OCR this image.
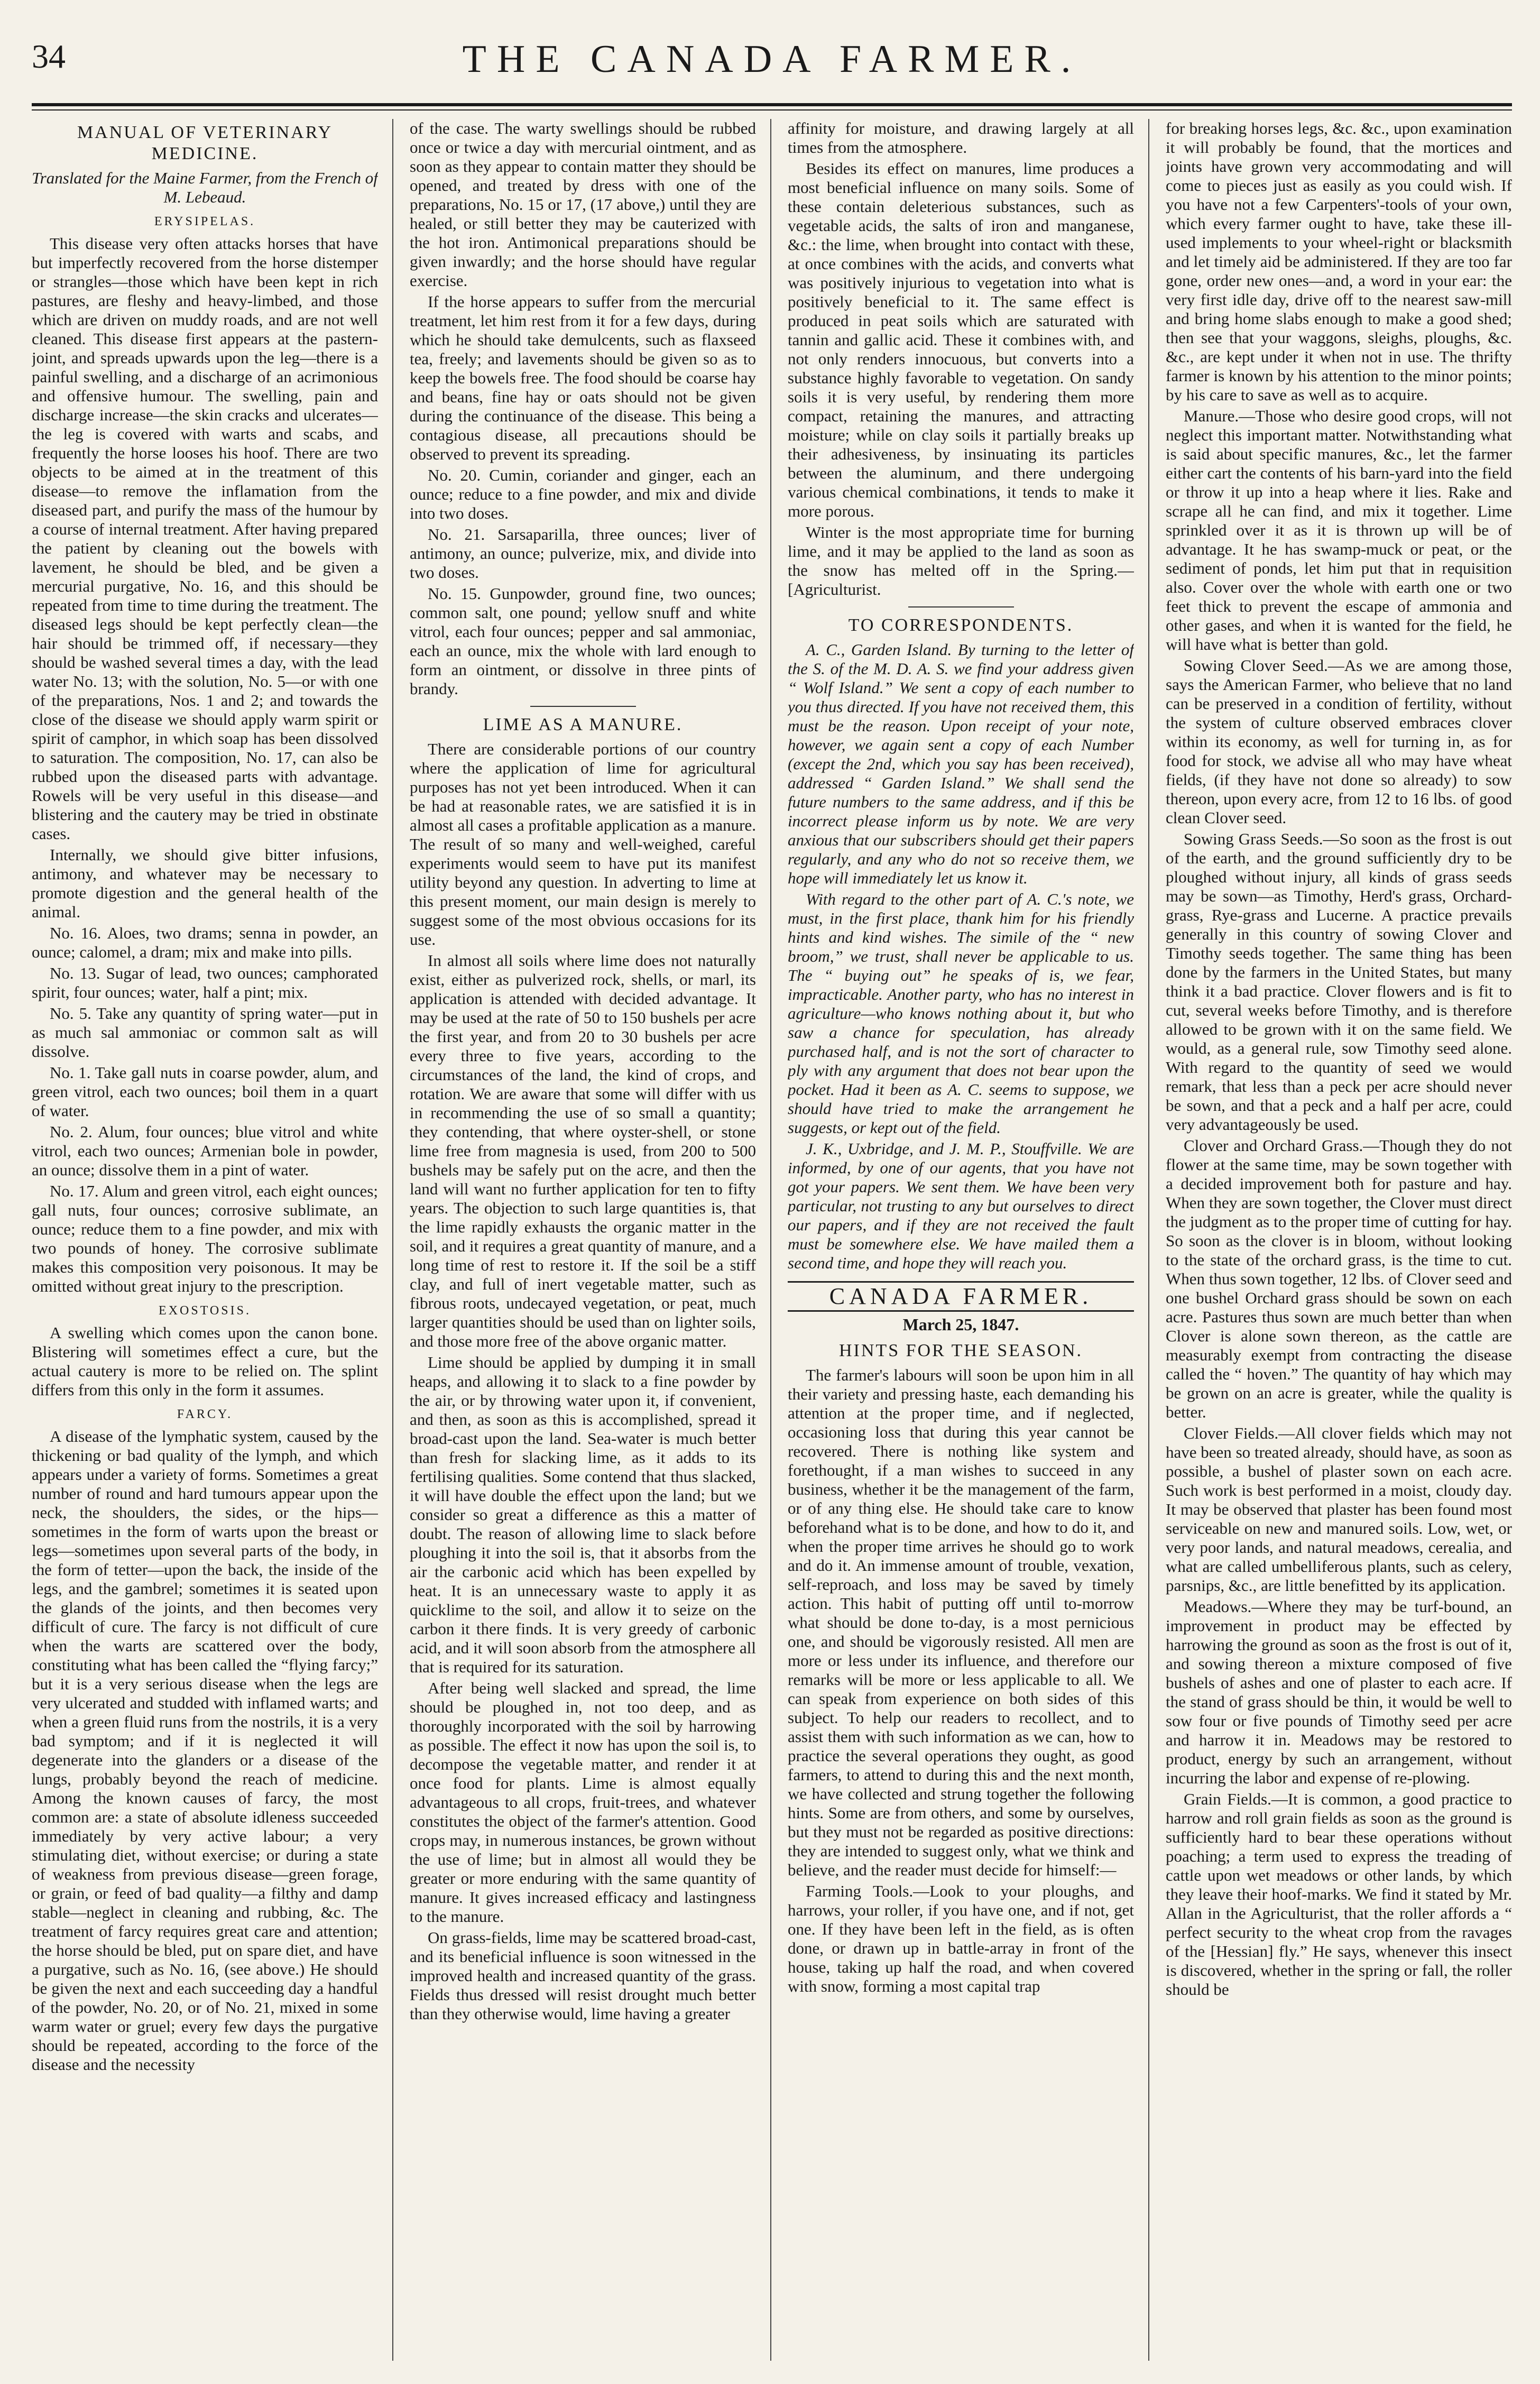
34	THE CANADA FARMER.
MANUAL OF VETERINARY MEDICINE.
Translated for the Maine Farmer, from the French of M. Lebeaud.
ERYSIPELAS.

This disease very often attacks horses that have but imperfectly recovered from the horse distemper or strangles—those which have been kept in rich pastures, are fleshy and heavy-limbed, and those which are driven on muddy roads, and are not well cleaned. This disease first appears at the pastern-joint, and spreads upwards upon the leg—there is a painful swelling, and a discharge of an acrimonious and offensive humour. The swelling, pain and discharge increase—the skin cracks and ulcerates—the leg is covered with warts and scabs, and frequently the horse looses his hoof. There are two objects to be aimed at in the treatment of this disease—to remove the inflamation from the diseased part, and purify the mass of the humour by a course of internal treatment. After having prepared the patient by cleaning out the bowels with lavement, he should be bled, and be given a mercurial purgative, No. 16, and this should be repeated from time to time during the treatment. The diseased legs should be kept perfectly clean—the hair should be trimmed off, if necessary—they should be washed several times a day, with the lead water No. 13; with the solution, No. 5—or with one of the preparations, Nos. 1 and 2; and towards the close of the disease we should apply warm spirit or spirit of camphor, in which soap has been dissolved to saturation. The composition, No. 17, can also be rubbed upon the diseased parts with advantage. Rowels will be very useful in this disease—and blistering and the cautery may be tried in obstinate cases.

Internally, we should give bitter infusions, antimony, and whatever may be necessary to promote digestion and the general health of the animal.

No. 16. Aloes, two drams; senna in powder, an ounce; calomel, a dram; mix and make into pills.

No. 13. Sugar of lead, two ounces; camphorated spirit, four ounces; water, half a pint; mix.

No. 5. Take any quantity of spring water—put in as much sal ammoniac or common salt as will dissolve.

No. 1. Take gall nuts in coarse powder, alum, and green vitrol, each two ounces; boil them in a quart of water.

No. 2. Alum, four ounces; blue vitrol and white vitrol, each two ounces; Armenian bole in powder, an ounce; dissolve them in a pint of water.

No. 17. Alum and green vitrol, each eight ounces; gall nuts, four ounces; corrosive sublimate, an ounce; reduce them to a fine powder, and mix with two pounds of honey. The corrosive sublimate makes this composition very poisonous. It may be omitted without great injury to the prescription.

EXOSTOSIS.

A swelling which comes upon the canon bone. Blistering will sometimes effect a cure, but the actual cautery is more to be relied on. The splint differs from this only in the form it assumes.

FARCY.

A disease of the lymphatic system, caused by the thickening or bad quality of the lymph, and which appears under a variety of forms. Sometimes a great number of round and hard tumours appear upon the neck, the shoulders, the sides, or the hips—sometimes in the form of warts upon the breast or legs—sometimes upon several parts of the body, in the form of tetter—upon the back, the inside of the legs, and the gambrel; sometimes it is seated upon the glands of the joints, and then becomes very difficult of cure. The farcy is not difficult of cure when the warts are scattered over the body, constituting what has been called the “flying farcy;” but it is a very serious disease when the legs are very ulcerated and studded with inflamed warts; and when a green fluid runs from the nostrils, it is a very bad symptom; and if it is neglected it will degenerate into the glanders or a disease of the lungs, probably beyond the reach of medicine. Among the known causes of farcy, the most common are: a state of absolute idleness succeeded immediately by very active labour; a very stimulating diet, without exercise; or during a state of weakness from previous disease—green forage, or grain, or feed of bad quality—a filthy and damp stable—neglect in cleaning and rubbing, &c. The treatment of farcy requires great care and attention; the horse should be bled, put on spare diet, and have a purgative, such as No. 16, (see above.) He should be given the next and each succeeding day a handful of the powder, No. 20, or of No. 21, mixed in some warm water or gruel; every few days the purgative should be repeated, according to the force of the disease and the necessity

of the case. The warty swellings should be rubbed once or twice a day with mercurial ointment, and as soon as they appear to contain matter they should be opened, and treated by dress with one of the preparations, No. 15 or 17, (17 above,) until they are healed, or still better they may be cauterized with the hot iron. Antimonical preparations should be given inwardly; and the horse should have regular exercise.

If the horse appears to suffer from the mercurial treatment, let him rest from it for a few days, during which he should take demulcents, such as flaxseed tea, freely; and lavements should be given so as to keep the bowels free. The food should be coarse hay and beans, fine hay or oats should not be given during the continuance of the disease. This being a contagious disease, all precautions should be observed to prevent its spreading.

No. 20. Cumin, coriander and ginger, each an ounce; reduce to a fine powder, and mix and divide into two doses.

No. 21. Sarsaparilla, three ounces; liver of antimony, an ounce; pulverize, mix, and divide into two doses.

No. 15. Gunpowder, ground fine, two ounces; common salt, one pound; yellow snuff and white vitrol, each four ounces; pepper and sal ammoniac, each an ounce, mix the whole with lard enough to form an ointment, or dissolve in three pints of brandy.

LIME AS A MANURE.

There are considerable portions of our country where the application of lime for agricultural purposes has not yet been introduced. When it can be had at reasonable rates, we are satisfied it is in almost all cases a profitable application as a manure. The result of so many and well-weighed, careful experiments would seem to have put its manifest utility beyond any question. In adverting to lime at this present moment, our main design is merely to suggest some of the most obvious occasions for its use.

In almost all soils where lime does not naturally exist, either as pulverized rock, shells, or marl, its application is attended with decided advantage. It may be used at the rate of 50 to 150 bushels per acre the first year, and from 20 to 30 bushels per acre every three to five years, according to the circumstances of the land, the kind of crops, and rotation. We are aware that some will differ with us in recommending the use of so small a quantity; they contending, that where oyster-shell, or stone lime free from magnesia is used, from 200 to 500 bushels may be safely put on the acre, and then the land will want no further application for ten to fifty years. The objection to such large quantities is, that the lime rapidly exhausts the organic matter in the soil, and it requires a great quantity of manure, and a long time of rest to restore it. If the soil be a stiff clay, and full of inert vegetable matter, such as fibrous roots, undecayed vegetation, or peat, much larger quantities should be used than on lighter soils, and those more free of the above organic matter.

Lime should be applied by dumping it in small heaps, and allowing it to slack to a fine powder by the air, or by throwing water upon it, if convenient, and then, as soon as this is accomplished, spread it broad-cast upon the land. Sea-water is much better than fresh for slacking lime, as it adds to its fertilising qualities. Some contend that thus slacked, it will have double the effect upon the land; but we consider so great a difference as this a matter of doubt. The reason of allowing lime to slack before ploughing it into the soil is, that it absorbs from the air the carbonic acid which has been expelled by heat. It is an unnecessary waste to apply it as quicklime to the soil, and allow it to seize on the carbon it there finds. It is very greedy of carbonic acid, and it will soon absorb from the atmosphere all that is required for its saturation.

After being well slacked and spread, the lime should be ploughed in, not too deep, and as thoroughly incorporated with the soil by harrowing as possible. The effect it now has upon the soil is, to decompose the vegetable matter, and render it at once food for plants. Lime is almost equally advantageous to all crops, fruit-trees, and whatever constitutes the object of the farmer's attention. Good crops may, in numerous instances, be grown without the use of lime; but in almost all would they be greater or more enduring with the same quantity of manure. It gives increased efficacy and lastingness to the manure.

On grass-fields, lime may be scattered broad-cast, and its beneficial influence is soon witnessed in the improved health and increased quantity of the grass. Fields thus dressed will resist drought much better than they otherwise would, lime having a greater

affinity for moisture, and drawing largely at all times from the atmosphere.

Besides its effect on manures, lime produces a most beneficial influence on many soils. Some of these contain deleterious substances, such as vegetable acids, the salts of iron and manganese, &c.: the lime, when brought into contact with these, at once combines with the acids, and converts what was positively injurious to vegetation into what is positively beneficial to it. The same effect is produced in peat soils which are saturated with tannin and gallic acid. These it combines with, and not only renders innocuous, but converts into a substance highly favorable to vegetation. On sandy soils it is very useful, by rendering them more compact, retaining the manures, and attracting moisture; while on clay soils it partially breaks up their adhesiveness, by insinuating its particles between the aluminum, and there undergoing various chemical combinations, it tends to make it more porous.

Winter is the most appropriate time for burning lime, and it may be applied to the land as soon as the snow has melted off in the Spring.—[Agriculturist.

TO CORRESPONDENTS.

A. C., Garden Island. By turning to the letter of the S. of the M. D. A. S. we find your address given “ Wolf Island.” We sent a copy of each number to you thus directed. If you have not received them, this must be the reason. Upon receipt of your note, however, we again sent a copy of each Number (except the 2nd, which you say has been received), addressed “ Garden Island.” We shall send the future numbers to the same address, and if this be incorrect please inform us by note. We are very anxious that our subscribers should get their papers regularly, and any who do not so receive them, we hope will immediately let us know it.

With regard to the other part of A. C.'s note, we must, in the first place, thank him for his friendly hints and kind wishes. The simile of the “ new broom,” we trust, shall never be applicable to us. The “ buying out” he speaks of is, we fear, impracticable. Another party, who has no interest in agriculture—who knows nothing about it, but who saw a chance for speculation, has already purchased half, and is not the sort of character to ply with any argument that does not bear upon the pocket. Had it been as A. C. seems to suppose, we should have tried to make the arrangement he suggests, or kept out of the field.

J. K., Uxbridge, and J. M. P., Stouffville. We are informed, by one of our agents, that you have not got your papers. We sent them. We have been very particular, not trusting to any but ourselves to direct our papers, and if they are not received the fault must be somewhere else. We have mailed them a second time, and hope they will reach you.

CANADA FARMER.
March 25, 1847.
HINTS FOR THE SEASON.

The farmer's labours will soon be upon him in all their variety and pressing haste, each demanding his attention at the proper time, and if neglected, occasioning loss that during this year cannot be recovered. There is nothing like system and forethought, if a man wishes to succeed in any business, whether it be the management of the farm, or of any thing else. He should take care to know beforehand what is to be done, and how to do it, and when the proper time arrives he should go to work and do it. An immense amount of trouble, vexation, self-reproach, and loss may be saved by timely action. This habit of putting off until to-morrow what should be done to-day, is a most pernicious one, and should be vigorously resisted. All men are more or less under its influence, and therefore our remarks will be more or less applicable to all. We can speak from experience on both sides of this subject. To help our readers to recollect, and to assist them with such information as we can, how to practice the several operations they ought, as good farmers, to attend to during this and the next month, we have collected and strung together the following hints. Some are from others, and some by ourselves, but they must not be regarded as positive directions: they are intended to suggest only, what we think and believe, and the reader must decide for himself:—

Farming Tools.—Look to your ploughs, and harrows, your roller, if you have one, and if not, get one. If they have been left in the field, as is often done, or drawn up in battle-array in front of the house, taking up half the road, and when covered with snow, forming a most capital trap

for breaking horses legs, &c. &c., upon examination it will probably be found, that the mortices and joints have grown very accommodating and will come to pieces just as easily as you could wish. If you have not a few Carpenters'-tools of your own, which every farmer ought to have, take these ill-used implements to your wheel-right or blacksmith and let timely aid be administered. If they are too far gone, order new ones—and, a word in your ear: the very first idle day, drive off to the nearest saw-mill and bring home slabs enough to make a good shed; then see that your waggons, sleighs, ploughs, &c. &c., are kept under it when not in use. The thrifty farmer is known by his attention to the minor points; by his care to save as well as to acquire.

Manure.—Those who desire good crops, will not neglect this important matter. Notwithstanding what is said about specific manures, &c., let the farmer either cart the contents of his barn-yard into the field or throw it up into a heap where it lies. Rake and scrape all he can find, and mix it together. Lime sprinkled over it as it is thrown up will be of advantage. It he has swamp-muck or peat, or the sediment of ponds, let him put that in requisition also. Cover over the whole with earth one or two feet thick to prevent the escape of ammonia and other gases, and when it is wanted for the field, he will have what is better than gold.

Sowing Clover Seed.—As we are among those, says the American Farmer, who believe that no land can be preserved in a condition of fertility, without the system of culture observed embraces clover within its economy, as well for turning in, as for food for stock, we advise all who may have wheat fields, (if they have not done so already) to sow thereon, upon every acre, from 12 to 16 lbs. of good clean Clover seed.

Sowing Grass Seeds.—So soon as the frost is out of the earth, and the ground sufficiently dry to be ploughed without injury, all kinds of grass seeds may be sown—as Timothy, Herd's grass, Orchard-grass, Rye-grass and Lucerne. A practice prevails generally in this country of sowing Clover and Timothy seeds together. The same thing has been done by the farmers in the United States, but many think it a bad practice. Clover flowers and is fit to cut, several weeks before Timothy, and is therefore allowed to be grown with it on the same field. We would, as a general rule, sow Timothy seed alone. With regard to the quantity of seed we would remark, that less than a peck per acre should never be sown, and that a peck and a half per acre, could very advantageously be used.

Clover and Orchard Grass.—Though they do not flower at the same time, may be sown together with a decided improvement both for pasture and hay. When they are sown together, the Clover must direct the judgment as to the proper time of cutting for hay. So soon as the clover is in bloom, without looking to the state of the orchard grass, is the time to cut. When thus sown together, 12 lbs. of Clover seed and one bushel Orchard grass should be sown on each acre. Pastures thus sown are much better than when Clover is alone sown thereon, as the cattle are measurably exempt from contracting the disease called the “ hoven.” The quantity of hay which may be grown on an acre is greater, while the quality is better.

Clover Fields.—All clover fields which may not have been so treated already, should have, as soon as possible, a bushel of plaster sown on each acre. Such work is best performed in a moist, cloudy day. It may be observed that plaster has been found most serviceable on new and manured soils. Low, wet, or very poor lands, and natural meadows, cerealia, and what are called umbelliferous plants, such as celery, parsnips, &c., are little benefitted by its application.

Meadows.—Where they may be turf-bound, an improvement in product may be effected by harrowing the ground as soon as the frost is out of it, and sowing thereon a mixture composed of five bushels of ashes and one of plaster to each acre. If the stand of grass should be thin, it would be well to sow four or five pounds of Timothy seed per acre and harrow it in. Meadows may be restored to product, energy by such an arrangement, without incurring the labor and expense of re-plowing.

Grain Fields.—It is common, a good practice to harrow and roll grain fields as soon as the ground is sufficiently hard to bear these operations without poaching; a term used to express the treading of cattle upon wet meadows or other lands, by which they leave their hoof-marks. We find it stated by Mr. Allan in the Agriculturist, that the roller affords a “ perfect security to the wheat crop from the ravages of the [Hessian] fly.” He says, whenever this insect is discovered, whether in the spring or fall, the roller should be
